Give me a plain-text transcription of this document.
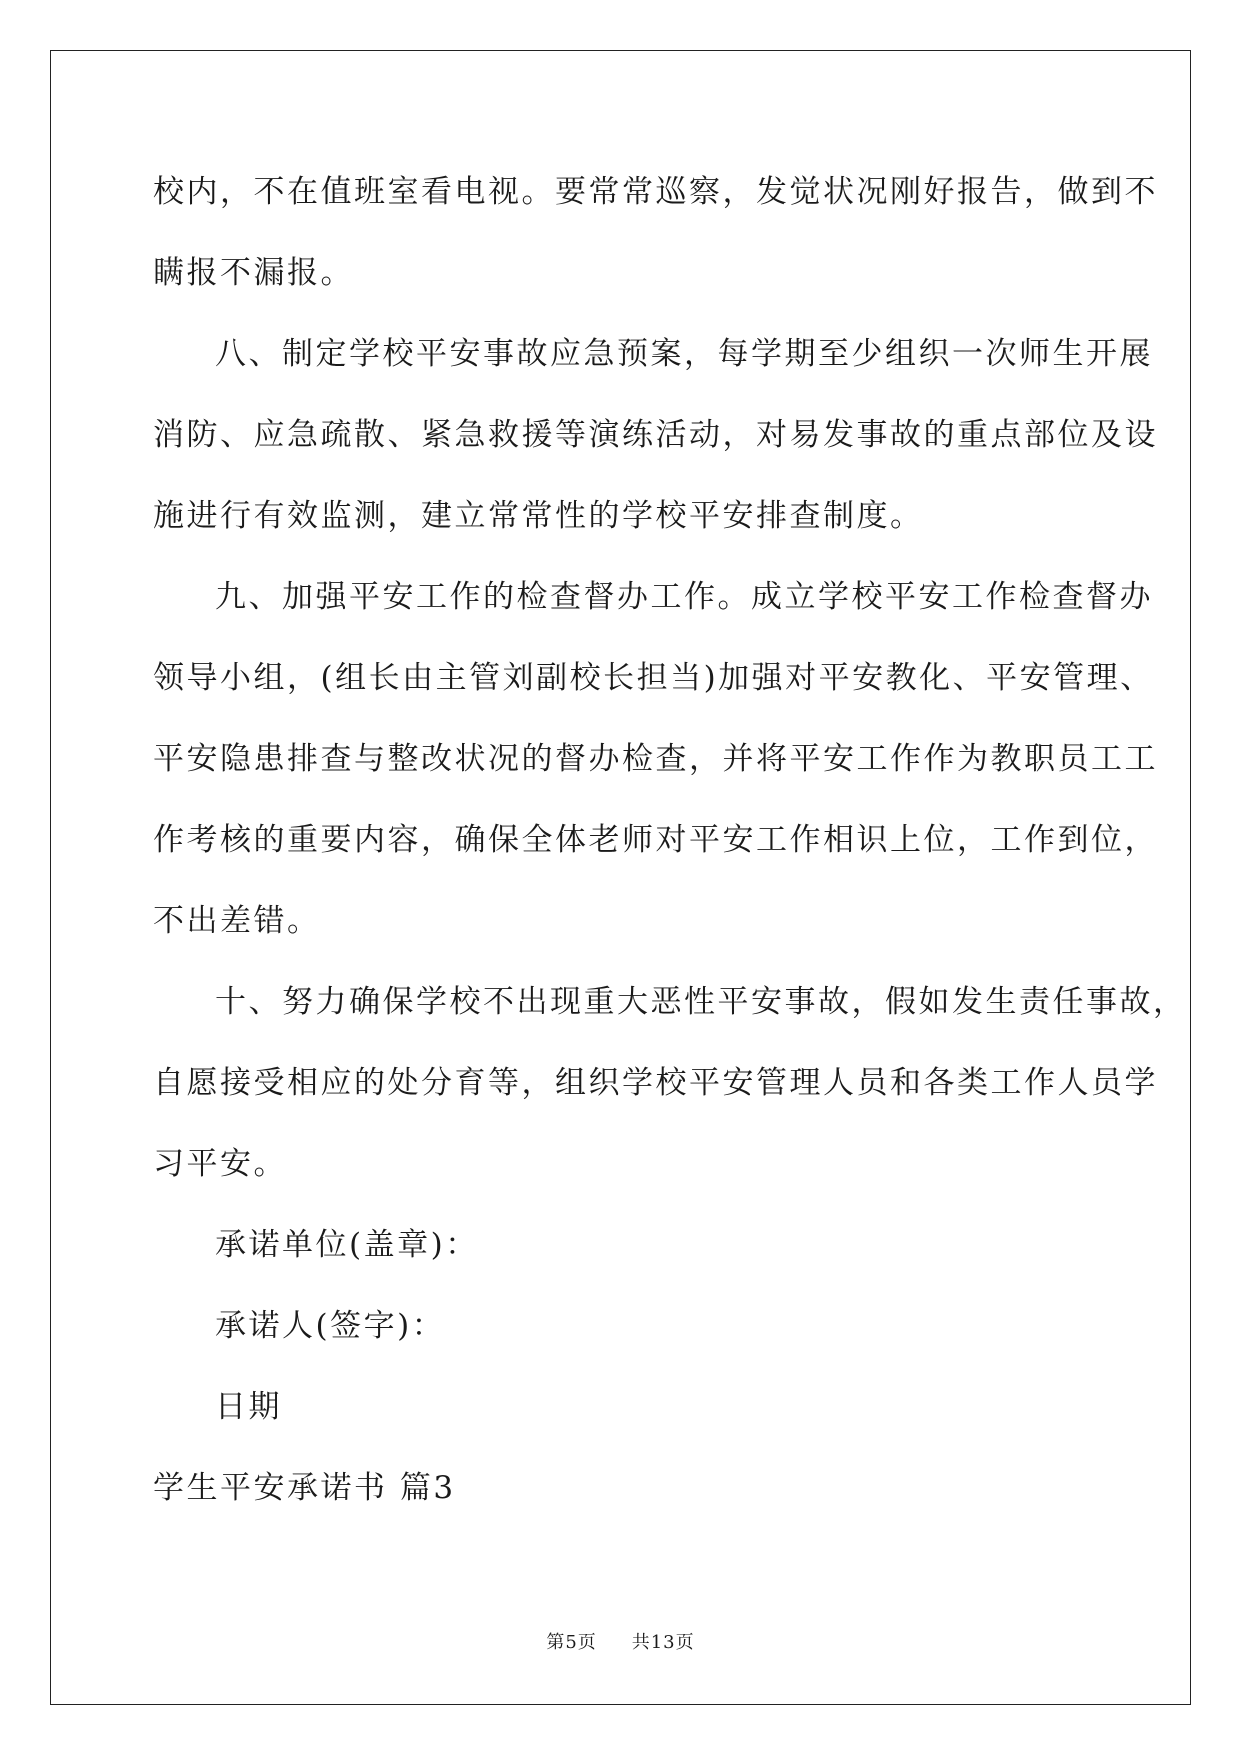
校内，不在值班室看电视。要常常巡察，发觉状况刚好报告，做到不
瞒报不漏报。

八、制定学校平安事故应急预案，每学期至少组织一次师生开展
消防、应急疏散、紧急救援等演练活动，对易发事故的重点部位及设
施进行有效监测，建立常常性的学校平安排查制度。

九、加强平安工作的检查督办工作。成立学校平安工作检查督办
领导小组，(组长由主管刘副校长担当)加强对平安教化、平安管理、
平安隐患排查与整改状况的督办检查，并将平安工作作为教职员工工
作考核的重要内容，确保全体老师对平安工作相识上位，工作到位，
不出差错。

十、努力确保学校不出现重大恶性平安事故，假如发生责任事故，
自愿接受相应的处分育等，组织学校平安管理人员和各类工作人员学
习平安。

承诺单位(盖章)：

承诺人(签字)：

日期

学生平安承诺书 篇3

第5页 共13页
